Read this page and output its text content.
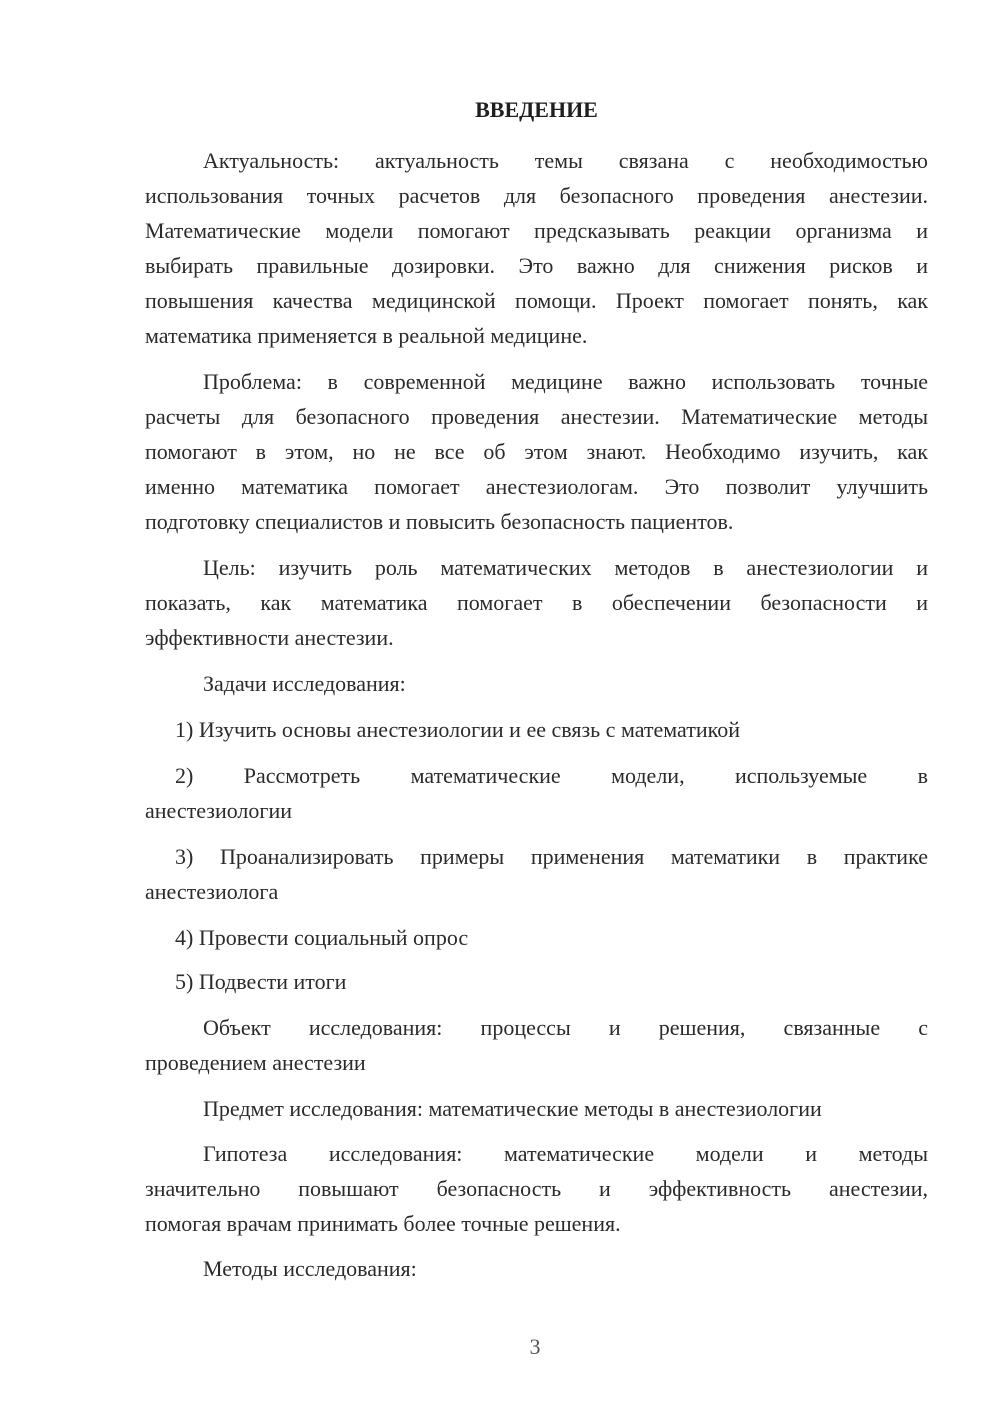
ВВЕДЕНИЕ
Актуальность: актуальность темы связана с необходимостью
использования точных расчетов для безопасного проведения анестезии.
Математические модели помогают предсказывать реакции организма и
выбирать правильные дозировки. Это важно для снижения рисков и
повышения качества медицинской помощи. Проект помогает понять, как
математика применяется в реальной медицине.
Проблема: в современной медицине важно использовать точные
расчеты для безопасного проведения анестезии. Математические методы
помогают в этом, но не все об этом знают. Необходимо изучить, как
именно математика помогает анестезиологам. Это позволит улучшить
подготовку специалистов и повысить безопасность пациентов.
Цель: изучить роль математических методов в анестезиологии и
показать, как математика помогает в обеспечении безопасности и
эффективности анестезии.
Задачи исследования:
1) Изучить основы анестезиологии и ее связь с математикой
2) Рассмотреть математические модели, используемые в
анестезиологии
3) Проанализировать примеры применения математики в практике
анестезиолога
4) Провести социальный опрос
5) Подвести итоги
Объект исследования: процессы и решения, связанные с
проведением анестезии
Предмет исследования: математические методы в анестезиологии
Гипотеза исследования: математические модели и методы
значительно повышают безопасность и эффективность анестезии,
помогая врачам принимать более точные решения.
Методы исследования:
3
